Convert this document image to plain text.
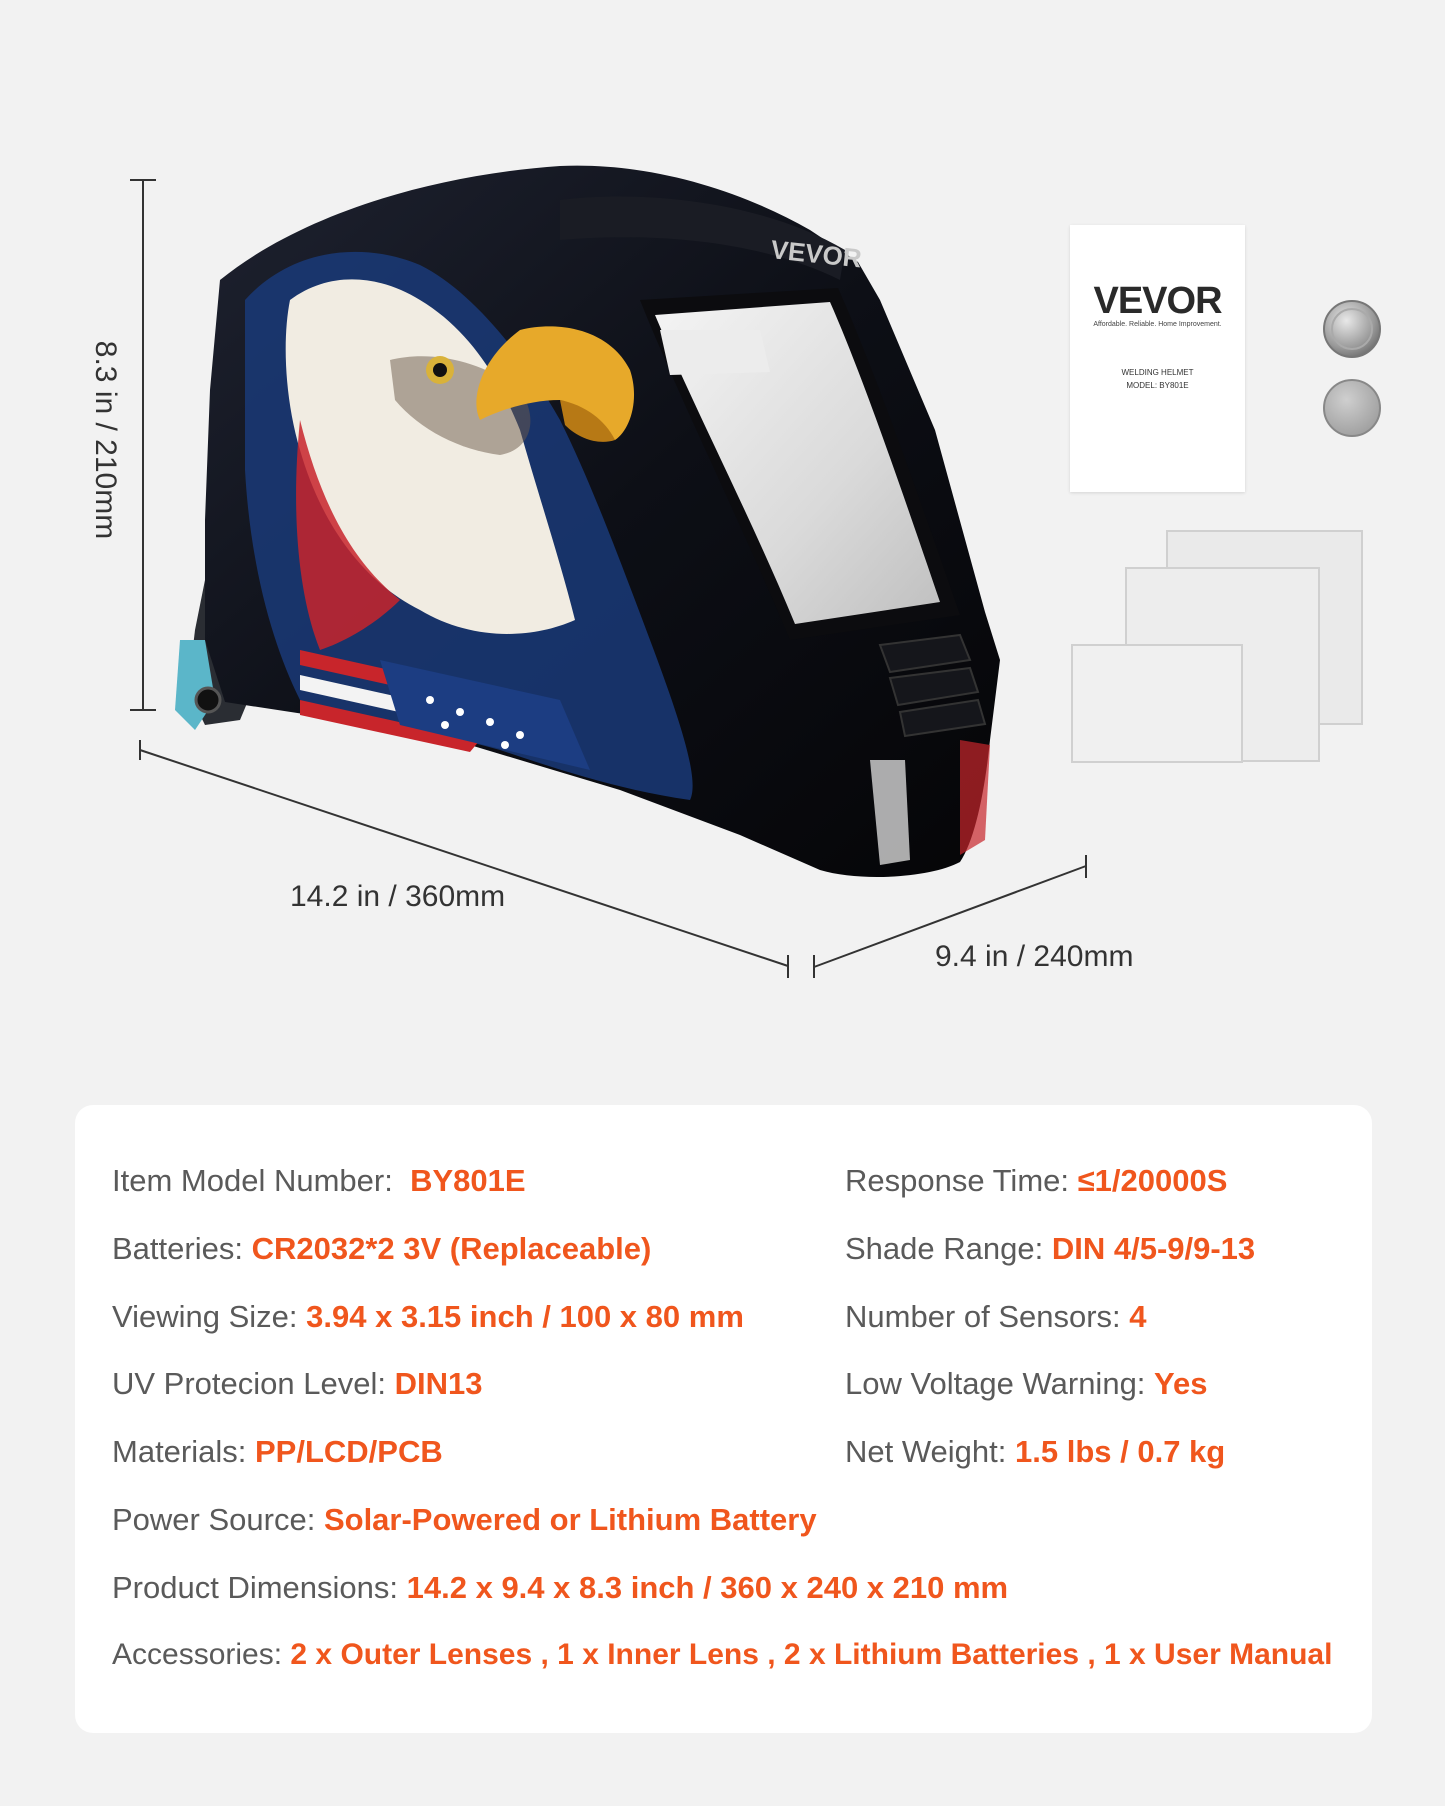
VEVOR
VEVOR
Affordable. Reliable. Home Improvement.
WELDING HELMET
MODEL: BY801E
8.3 in / 210mm
14.2 in / 360mm
9.4 in / 240mm
Item Model Number: BY801E	Response Time: ≤1/20000S
Batteries: CR2032*2 3V (Replaceable)	Shade Range: DIN 4/5-9/9-13
Viewing Size: 3.94 x 3.15 inch / 100 x 80 mm	Number of Sensors: 4
UV Protecion Level: DIN13	Low Voltage Warning: Yes
Materials: PP/LCD/PCB	Net Weight: 1.5 lbs / 0.7 kg
Power Source: Solar-Powered or Lithium Battery
Product Dimensions: 14.2 x 9.4 x 8.3 inch / 360 x 240 x 210 mm
Accessories: 2 x Outer Lenses , 1 x Inner Lens , 2 x Lithium Batteries , 1 x User Manual
